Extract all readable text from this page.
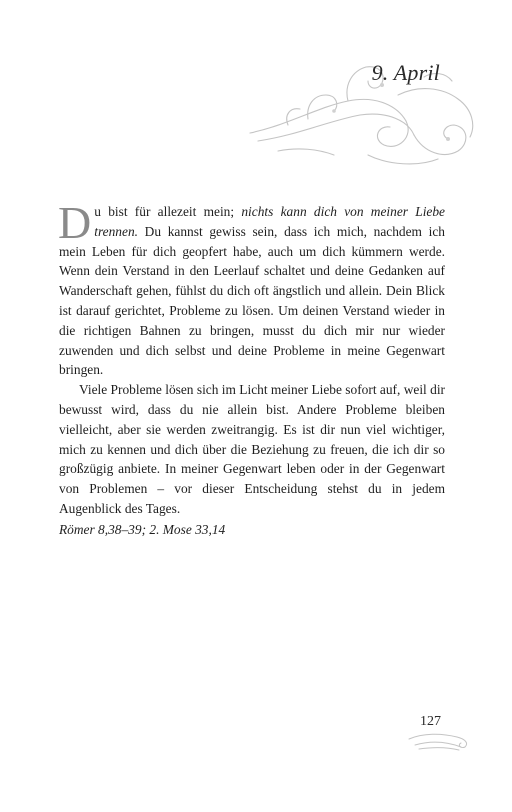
9. April

Du bist für allezeit mein; nichts kann dich von meiner Liebe trennen. Du kannst gewiss sein, dass ich mich, nachdem ich mein Leben für dich geopfert habe, auch um dich kümmern werde. Wenn dein Verstand in den Leerlauf schaltet und deine Gedanken auf Wanderschaft gehen, fühlst du dich oft ängstlich und allein. Dein Blick ist darauf gerichtet, Probleme zu lösen. Um deinen Verstand wieder in die richtigen Bahnen zu bringen, musst du dich mir nur wieder zuwenden und dich selbst und deine Probleme in meine Gegenwart bringen.

Viele Probleme lösen sich im Licht meiner Liebe sofort auf, weil dir bewusst wird, dass du nie allein bist. Andere Probleme bleiben vielleicht, aber sie werden zweitrangig. Es ist dir nun viel wichtiger, mich zu kennen und dich über die Beziehung zu freuen, die ich dir so großzügig anbiete. In meiner Gegenwart leben oder in der Gegenwart von Problemen – vor dieser Entscheidung stehst du in jedem Augenblick des Tages.

Römer 8,38–39; 2. Mose 33,14
127
